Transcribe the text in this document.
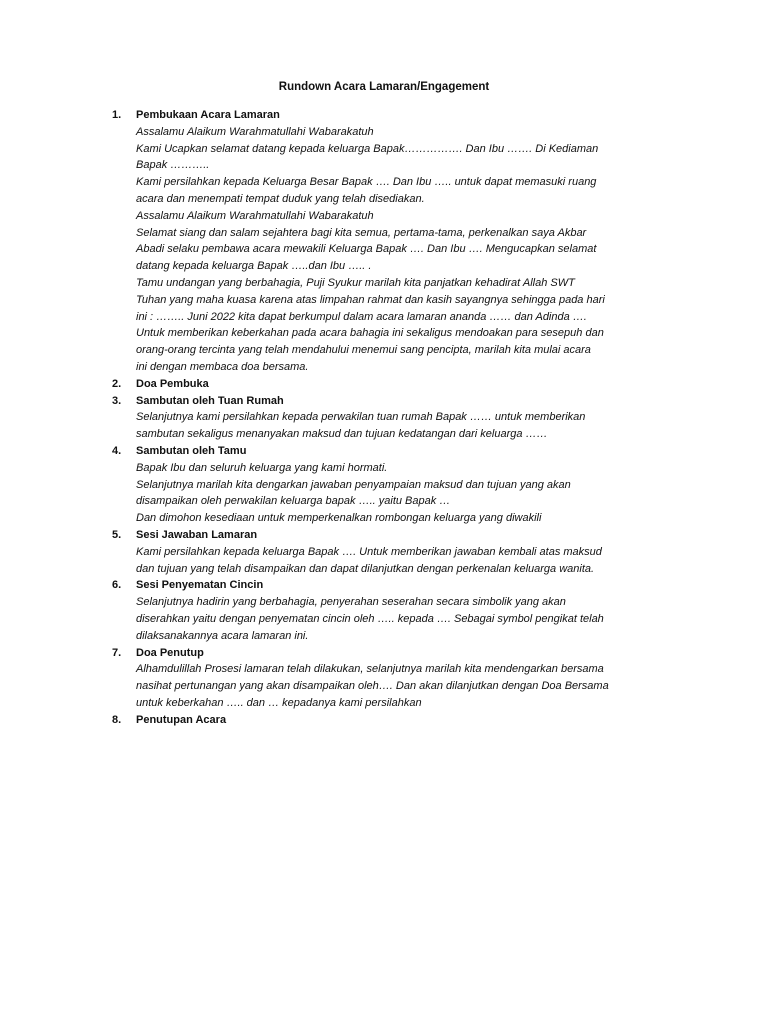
Rundown Acara Lamaran/Engagement
1. Pembukaan Acara Lamaran
Assalamu Alaikum Warahmatullahi Wabarakatuh
Kami Ucapkan selamat datang kepada keluarga Bapak……………. Dan Ibu ……. Di Kediaman
Bapak ………..
Kami persilahkan kepada Keluarga Besar Bapak …. Dan Ibu ….. untuk dapat memasuki ruang
acara dan menempati tempat duduk yang telah disediakan.
Assalamu Alaikum Warahmatullahi Wabarakatuh
Selamat siang dan salam sejahtera bagi kita semua, pertama-tama, perkenalkan saya Akbar
Abadi selaku pembawa acara mewakili Keluarga Bapak …. Dan Ibu …. Mengucapkan selamat
datang kepada keluarga Bapak …..dan Ibu ….. .
Tamu undangan yang berbahagia, Puji Syukur marilah kita panjatkan kehadirat Allah SWT
Tuhan yang maha kuasa karena atas limpahan rahmat dan kasih sayangnya sehingga pada hari
ini : …….. Juni 2022 kita dapat berkumpul dalam acara lamaran ananda …… dan Adinda ….
Untuk memberikan keberkahan pada acara bahagia ini sekaligus mendoakan para sesepuh dan
orang-orang tercinta yang telah mendahului menemui sang pencipta, marilah kita mulai acara
ini dengan membaca doa bersama.
2. Doa Pembuka
3. Sambutan oleh Tuan Rumah
Selanjutnya kami persilahkan kepada perwakilan tuan rumah Bapak …… untuk memberikan
sambutan sekaligus menanyakan maksud dan tujuan kedatangan dari keluarga ……
4. Sambutan oleh Tamu
Bapak Ibu dan seluruh keluarga yang kami hormati.
Selanjutnya marilah kita dengarkan jawaban penyampaian maksud dan tujuan yang akan
disampaikan oleh perwakilan keluarga bapak ….. yaitu Bapak …
Dan dimohon kesediaan untuk memperkenalkan rombongan keluarga yang diwakili
5. Sesi Jawaban Lamaran
Kami persilahkan kepada keluarga Bapak …. Untuk memberikan jawaban kembali atas maksud
dan tujuan yang telah disampaikan dan dapat dilanjutkan dengan perkenalan keluarga wanita.
6. Sesi Penyematan Cincin
Selanjutnya hadirin yang berbahagia, penyerahan seserahan secara simbolik yang akan
diserahkan yaitu dengan penyematan cincin oleh ….. kepada …. Sebagai symbol pengikat telah
dilaksanakannya acara lamaran ini.
7. Doa Penutup
Alhamdulillah Prosesi lamaran telah dilakukan, selanjutnya marilah kita mendengarkan bersama
nasihat pertunangan yang akan disampaikan oleh…. Dan akan dilanjutkan dengan Doa Bersama
untuk keberkahan ….. dan … kepadanya kami persilahkan
8. Penutupan Acara
